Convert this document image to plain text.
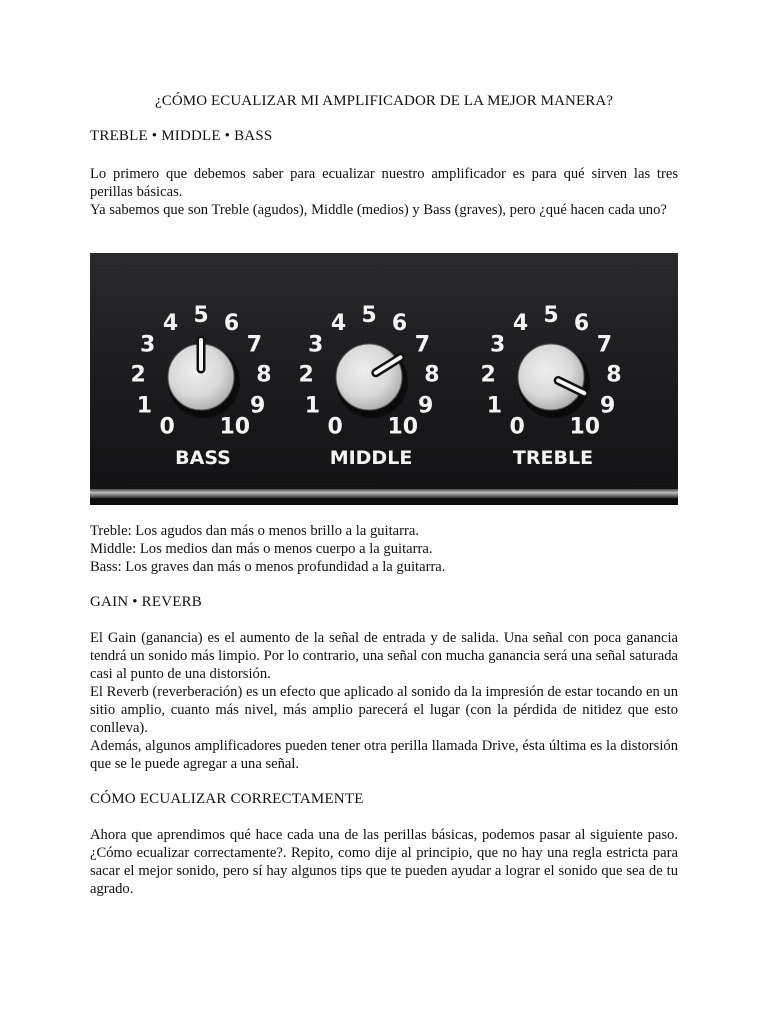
¿CÓMO ECUALIZAR MI AMPLIFICADOR DE LA MEJOR MANERA?
TREBLE • MIDDLE • BASS

Lo primero que debemos saber para ecualizar nuestro amplificador es para qué sirven las tres perillas básicas.

Ya sabemos que son Treble (agudos), Middle (medios) y Bass (graves), pero ¿qué hacen cada uno?

Treble: Los agudos dan más o menos brillo a la guitarra.

Middle: Los medios dan más o menos cuerpo a la guitarra.

Bass: Los graves dan más o menos profundidad a la guitarra.

GAIN • REVERB

El Gain (ganancia) es el aumento de la señal de entrada y de salida. Una señal con poca ganancia tendrá un sonido más limpio. Por lo contrario, una señal con mucha ganancia será una señal saturada casi al punto de una distorsión.

El Reverb (reverberación) es un efecto que aplicado al sonido da la impresión de estar tocando en un sitio amplio, cuanto más nivel, más amplio parecerá el lugar (con la pérdida de nitidez que esto conlleva).

Además, algunos amplificadores pueden tener otra perilla llamada Drive, ésta última es la distorsión que se le puede agregar a una señal.

CÓMO ECUALIZAR CORRECTAMENTE

Ahora que aprendimos qué hace cada una de las perillas básicas, podemos pasar al siguiente paso. ¿Cómo ecualizar correctamente?. Repito, como dije al principio, que no hay una regla estricta para sacar el mejor sonido, pero sí hay algunos tips que te pueden ayudar a lograr el sonido que sea de tu agrado.

0
1
2
3
4 5 6
7
8
9
10
BASS
0
1
2
3
4 5 6
7
8
9
10
MIDDLE
0
1
2
3
4 5 6
7
8
9
10
TREBLE
